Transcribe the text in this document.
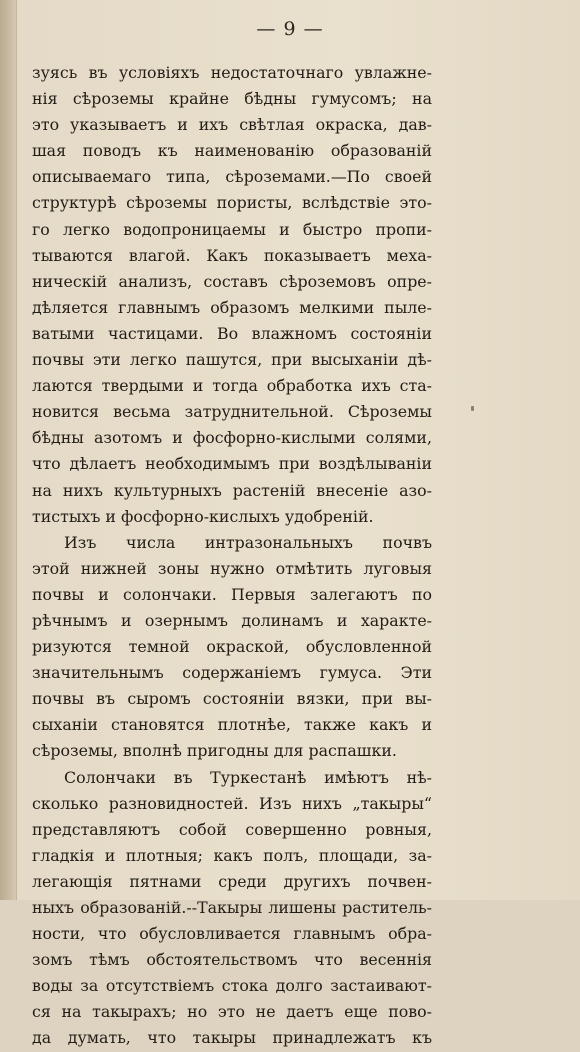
— 9 —
зуясь въ условіяхъ недостаточнаго увлажне-
нія сѣроземы крайне бѣдны гумусомъ; на
это указываетъ и ихъ свѣтлая окраска, дав-
шая поводъ къ наименованію образованій
описываемаго типа, сѣроземами.—По своей
структурѣ сѣроземы пористы, вслѣдствіе это-
го легко водопроницаемы и быстро пропи-
тываются влагой. Какъ показываетъ меха-
ническій анализъ, составъ сѣроземовъ опре-
дѣляется главнымъ образомъ мелкими пыле-
ватыми частицами. Во влажномъ состояніи
почвы эти легко пашутся, при высыханіи дѣ-
лаются твердыми и тогда обработка ихъ ста-
новится весьма затруднительной. Сѣроземы
бѣдны азотомъ и фосфорно-кислыми солями,
что дѣлаетъ необходимымъ при воздѣлываніи
на нихъ культурныхъ растеній внесеніе азо-
тистыхъ и фосфорно-кислыхъ удобреній.
Изъ числа интразональныхъ почвъ
этой нижней зоны нужно отмѣтить луговыя
почвы и солончаки. Первыя залегаютъ по
рѣчнымъ и озернымъ долинамъ и характе-
ризуются темной окраской, обусловленной
значительнымъ содержаніемъ гумуса. Эти
почвы въ сыромъ состояніи вязки, при вы-
сыханіи становятся плотнѣе, также какъ и
сѣроземы, вполнѣ пригодны для распашки.
Солончаки въ Туркестанѣ имѣютъ нѣ-
сколько разновидностей. Изъ нихъ „такыры“
представляютъ собой совершенно ровныя,
гладкія и плотныя; какъ полъ, площади, за-
легающія пятнами среди другихъ почвен-
ныхъ образованій.--Такыры лишены раститель-
ности, что обусловливается главнымъ обра-
зомъ тѣмъ обстоятельствомъ что весеннія
воды за отсутствіемъ стока долго застаивают-
ся на такырахъ; но это не даетъ еще пово-
да думать, что такыры принадлежатъ къ
